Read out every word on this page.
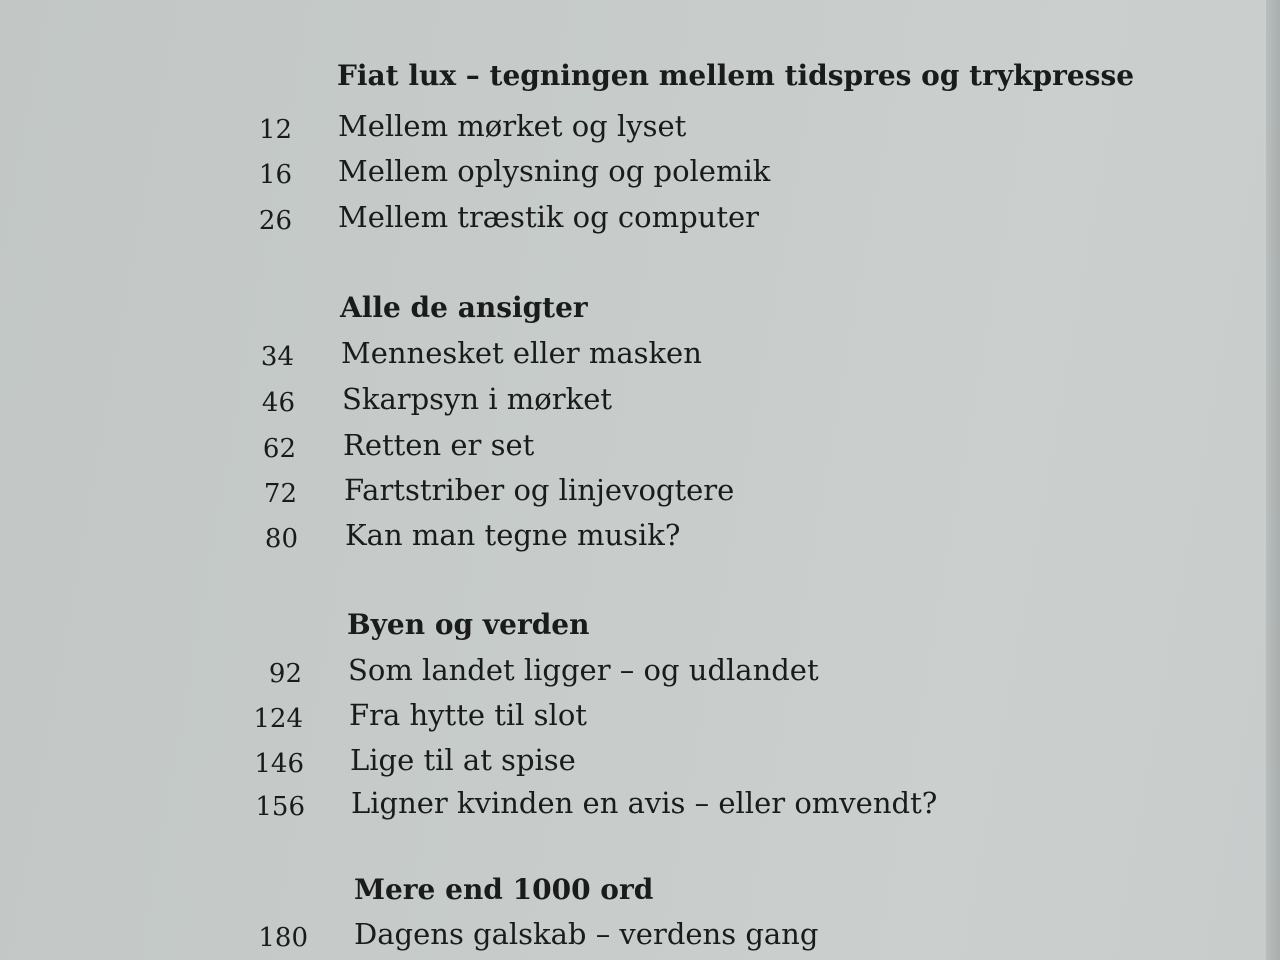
Fiat lux – tegningen mellem tidspres og trykpresse
12 Mellem mørket og lyset
16 Mellem oplysning og polemik
26 Mellem træstik og computer
Alle de ansigter
34 Mennesket eller masken
46 Skarpsyn i mørket
62 Retten er set
72 Fartstriber og linjevogtere
80 Kan man tegne musik?
Byen og verden
92 Som landet ligger – og udlandet
124 Fra hytte til slot
146 Lige til at spise
156 Ligner kvinden en avis – eller omvendt?
Mere end 1000 ord
180 Dagens galskab – verdens gang
